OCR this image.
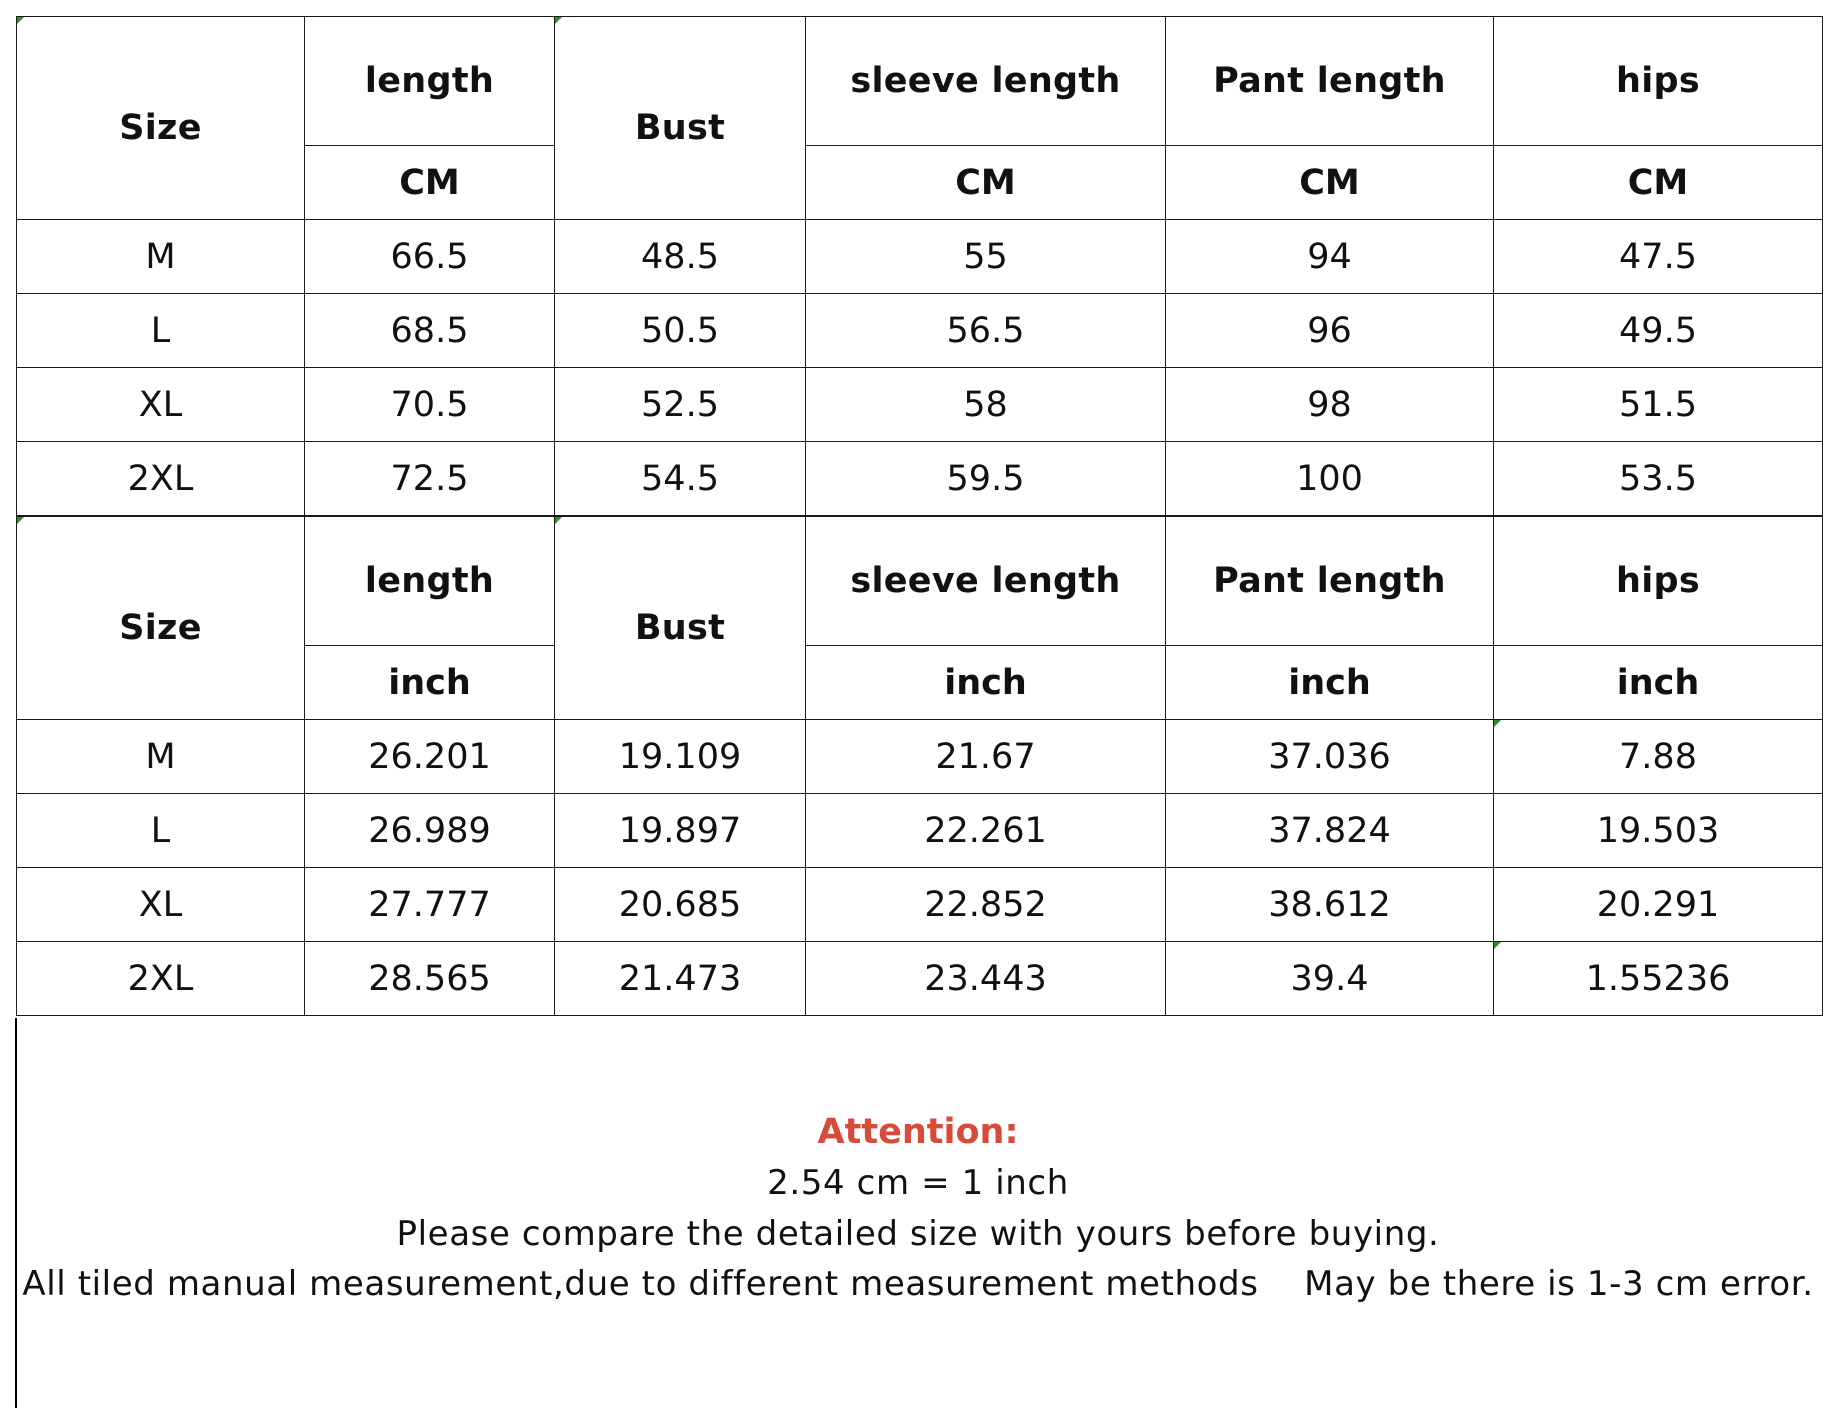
Size	length	Bust	sleeve length	Pant length	hips
	CM		CM	CM	CM
M	66.5	48.5	55	94	47.5
L	68.5	50.5	56.5	96	49.5
XL	70.5	52.5	58	98	51.5
2XL	72.5	54.5	59.5	100	53.5
Size	length	Bust	sleeve length	Pant length	hips
	inch		inch	inch	inch
M	26.201	19.109	21.67	37.036	7.88
L	26.989	19.897	22.261	37.824	19.503
XL	27.777	20.685	22.852	38.612	20.291
2XL	28.565	21.473	23.443	39.4	1.55236
Attention:
2.54 cm = 1 inch
Please compare the detailed size with yours before buying.
All tiled manual measurement,due to different measurement methods    May be there is 1-3 cm error.
